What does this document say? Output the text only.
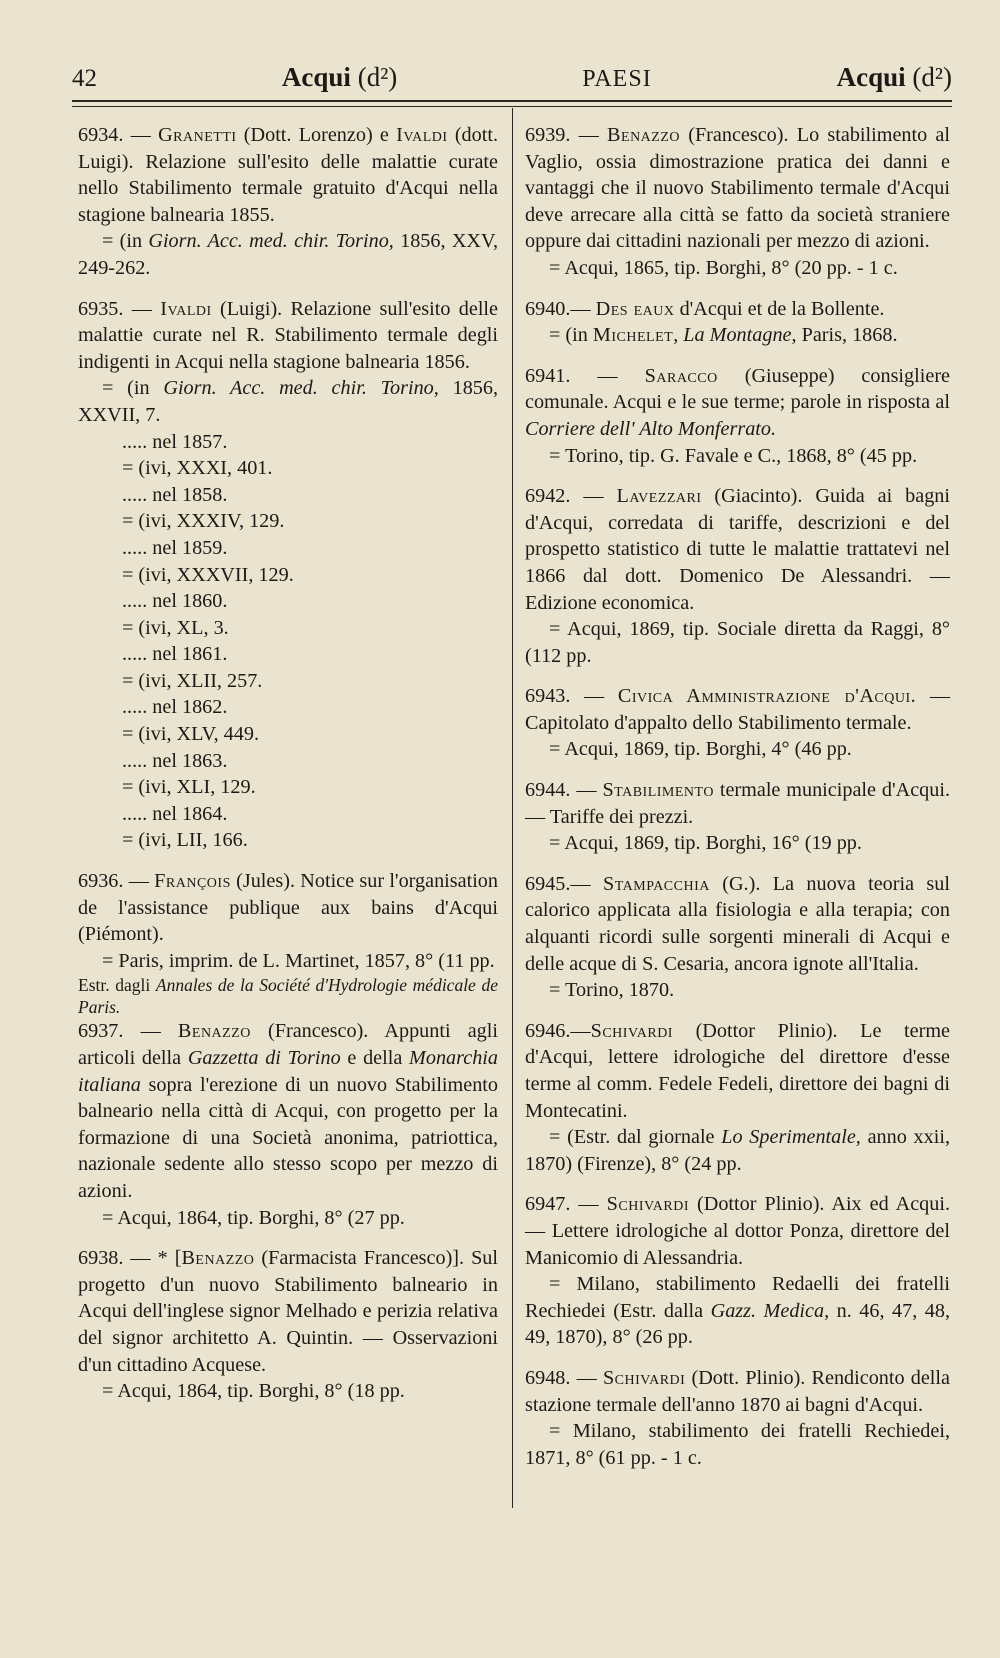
42	Acqui (d²)	PAESI	Acqui (d²)

6934. — Granetti (Dott. Lorenzo) e Ivaldi (dott. Luigi). Relazione sull'esito delle malattie curate nello Stabilimento termale gratuito d'Acqui nella stagione balnearia 1855.

= (in Giorn. Acc. med. chir. Torino, 1856, XXV, 249-262.

6935. — Ivaldi (Luigi). Relazione sull'esito delle malattie curate nel R. Stabilimento termale degli indigenti in Acqui nella stagione balnearia 1856.

= (in Giorn. Acc. med. chir. Torino, 1856, XXVII, 7.

..... nel 1857.

= (ivi, XXXI, 401.

..... nel 1858.

= (ivi, XXXIV, 129.

..... nel 1859.

= (ivi, XXXVII, 129.

..... nel 1860.

= (ivi, XL, 3.

..... nel 1861.

= (ivi, XLII, 257.

..... nel 1862.

= (ivi, XLV, 449.

..... nel 1863.

= (ivi, XLI, 129.

..... nel 1864.

= (ivi, LII, 166.

6936. — François (Jules). Notice sur l'organisation de l'assistance publique aux bains d'Acqui (Piémont).

= Paris, imprim. de L. Martinet, 1857, 8° (11 pp.

Estr. dagli Annales de la Société d'Hydrologie médicale de Paris.

6937. — Benazzo (Francesco). Appunti agli articoli della Gazzetta di Torino e della Monarchia italiana sopra l'erezione di un nuovo Stabilimento balneario nella città di Acqui, con progetto per la formazione di una Società anonima, patriottica, nazionale sedente allo stesso scopo per mezzo di azioni.

= Acqui, 1864, tip. Borghi, 8° (27 pp.

6938. — * [Benazzo (Farmacista Francesco)]. Sul progetto d'un nuovo Stabilimento balneario in Acqui dell'inglese signor Melhado e perizia relativa del signor architetto A. Quintin. — Osservazioni d'un cittadino Acquese.

= Acqui, 1864, tip. Borghi, 8° (18 pp.

6939. — Benazzo (Francesco). Lo stabilimento al Vaglio, ossia dimostrazione pratica dei danni e vantaggi che il nuovo Stabilimento termale d'Acqui deve arrecare alla città se fatto da società straniere oppure dai cittadini nazionali per mezzo di azioni.

= Acqui, 1865, tip. Borghi, 8° (20 pp. - 1 c.

6940.— Des eaux d'Acqui et de la Bollente.

= (in Michelet, La Montagne, Paris, 1868.

6941. — Saracco (Giuseppe) consigliere comunale. Acqui e le sue terme; parole in risposta al Corriere dell' Alto Monferrato.

= Torino, tip. G. Favale e C., 1868, 8° (45 pp.

6942. — Lavezzari (Giacinto). Guida ai bagni d'Acqui, corredata di tariffe, descrizioni e del prospetto statistico di tutte le malattie trattatevi nel 1866 dal dott. Domenico De Alessandri. — Edizione economica.

= Acqui, 1869, tip. Sociale diretta da Raggi, 8° (112 pp.

6943. — Civica Amministrazione d'Acqui. — Capitolato d'appalto dello Stabilimento termale.

= Acqui, 1869, tip. Borghi, 4° (46 pp.

6944. — Stabilimento termale municipale d'Acqui. — Tariffe dei prezzi.

= Acqui, 1869, tip. Borghi, 16° (19 pp.

6945.— Stampacchia (G.). La nuova teoria sul calorico applicata alla fisiologia e alla terapia; con alquanti ricordi sulle sorgenti minerali di Acqui e delle acque di S. Cesaria, ancora ignote all'Italia.

= Torino, 1870.

6946.—Schivardi (Dottor Plinio). Le terme d'Acqui, lettere idrologiche del direttore d'esse terme al comm. Fedele Fedeli, direttore dei bagni di Montecatini.

= (Estr. dal giornale Lo Sperimentale, anno xxii, 1870) (Firenze), 8° (24 pp.

6947. — Schivardi (Dottor Plinio). Aix ed Acqui. — Lettere idrologiche al dottor Ponza, direttore del Manicomio di Alessandria.

= Milano, stabilimento Redaelli dei fratelli Rechiedei (Estr. dalla Gazz. Medica, n. 46, 47, 48, 49, 1870), 8° (26 pp.

6948. — Schivardi (Dott. Plinio). Rendiconto della stazione termale dell'anno 1870 ai bagni d'Acqui.

= Milano, stabilimento dei fratelli Rechiedei, 1871, 8° (61 pp. - 1 c.
